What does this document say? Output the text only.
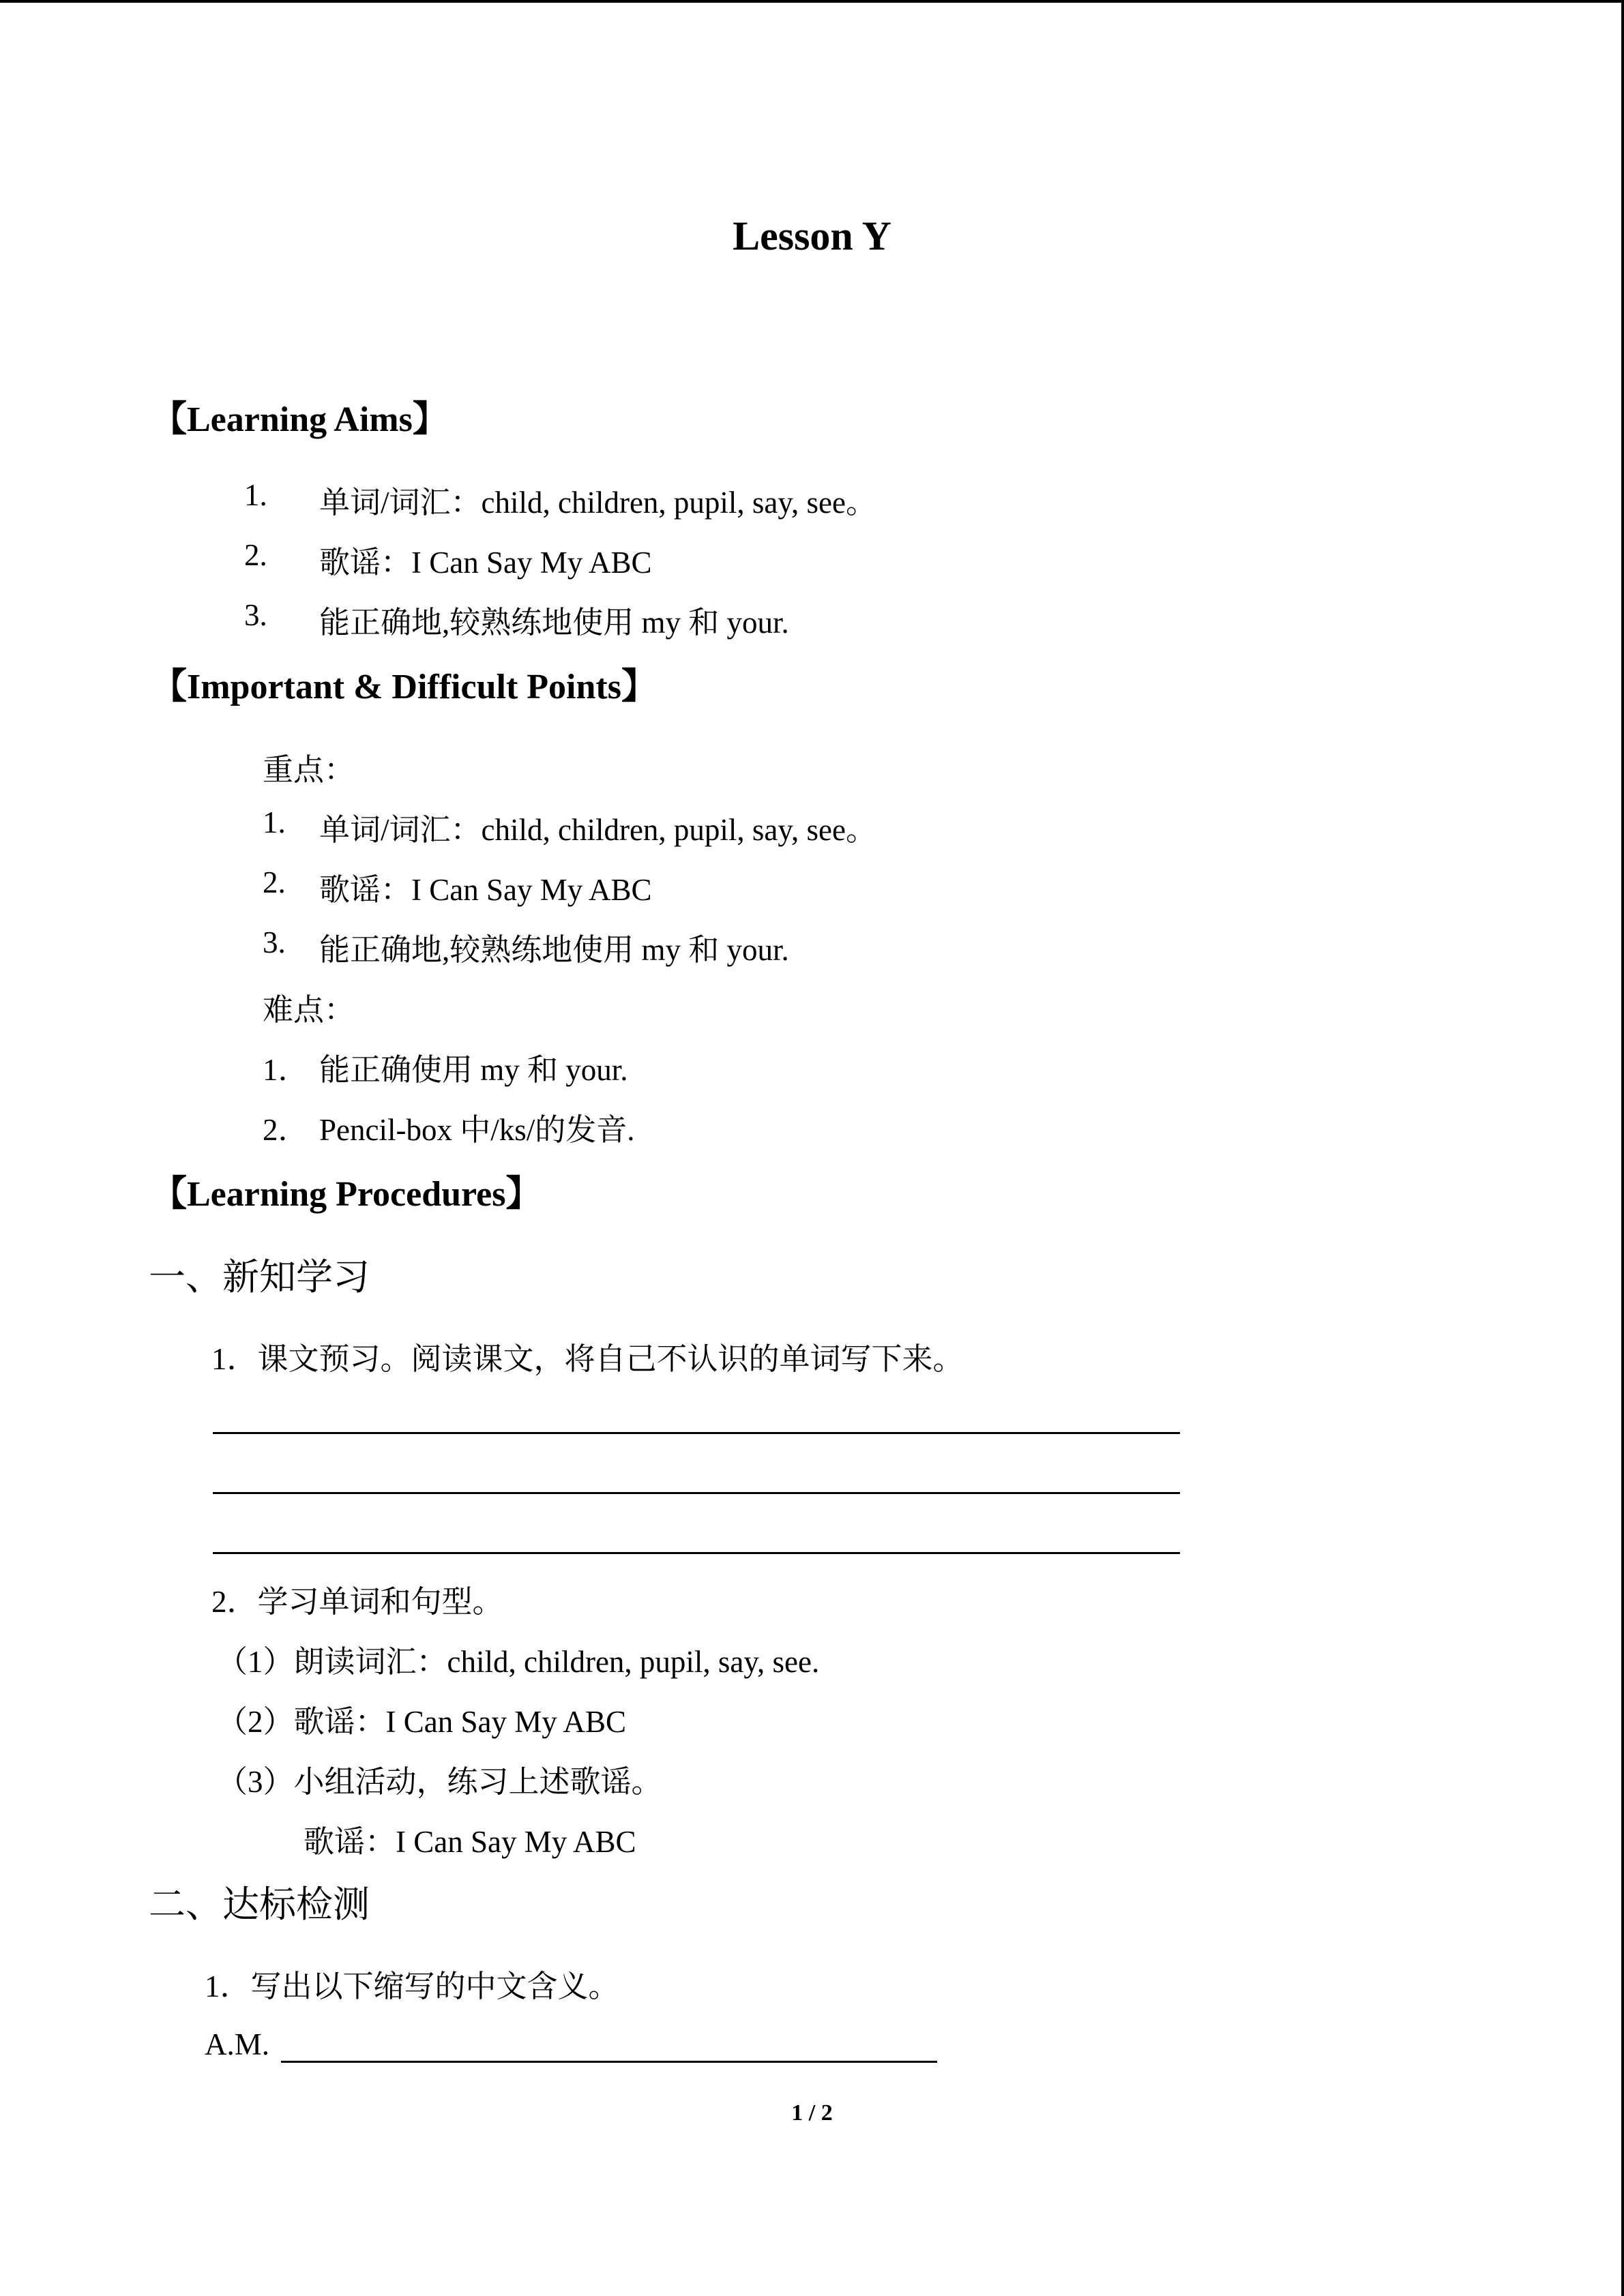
Lesson Y
【Learning Aims】
1. 单词/词汇：child, children, pupil, say, see。
2. 歌谣：I Can Say My ABC
3. 能正确地,较熟练地使用 my 和 your.
【Important & Difficult Points】
重点：
1. 单词/词汇：child, children, pupil, say, see。
2. 歌谣：I Can Say My ABC
3. 能正确地,较熟练地使用 my 和 your.
难点：
1． 能正确使用 my 和 your.
2． Pencil-box 中/ks/的发音.
【Learning Procedures】
一、新知学习
1．课文预习。阅读课文，将自己不认识的单词写下来。
2．学习单词和句型。
（1）朗读词汇：child, children, pupil, say, see.
（2）歌谣：I Can Say My ABC
（3）小组活动，练习上述歌谣。
歌谣：I Can Say My ABC
二、达标检测
1．写出以下缩写的中文含义。
A.M.
1 / 2
